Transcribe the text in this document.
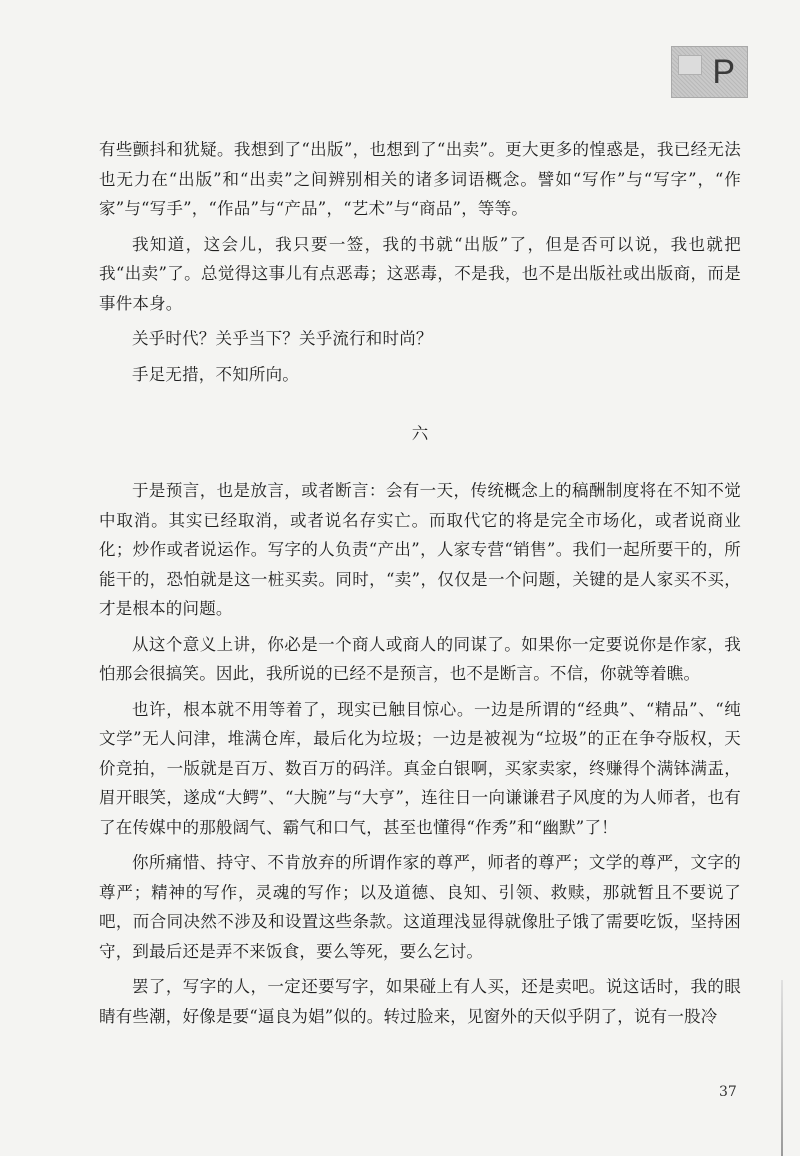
P

有些颤抖和犹疑。我想到了“出版”，也想到了“出卖”。更大更多的惶惑是，我已经无法也无力在“出版”和“出卖”之间辨别相关的诸多词语概念。譬如“写作”与“写字”，“作家”与“写手”，“作品”与“产品”，“艺术”与“商品”，等等。

我知道，这会儿，我只要一签，我的书就“出版”了，但是否可以说，我也就把我“出卖”了。总觉得这事儿有点恶毒；这恶毒，不是我，也不是出版社或出版商，而是事件本身。

关乎时代？关乎当下？关乎流行和时尚？

手足无措，不知所向。

六

于是预言，也是放言，或者断言：会有一天，传统概念上的稿酬制度将在不知不觉中取消。其实已经取消，或者说名存实亡。而取代它的将是完全市场化，或者说商业化；炒作或者说运作。写字的人负责“产出”，人家专营“销售”。我们一起所要干的，所能干的，恐怕就是这一桩买卖。同时，“卖”，仅仅是一个问题，关键的是人家买不买，才是根本的问题。

从这个意义上讲，你必是一个商人或商人的同谋了。如果你一定要说你是作家，我怕那会很搞笑。因此，我所说的已经不是预言，也不是断言。不信，你就等着瞧。

也许，根本就不用等着了，现实已触目惊心。一边是所谓的“经典”、“精品”、“纯文学”无人问津，堆满仓库，最后化为垃圾；一边是被视为“垃圾”的正在争夺版权，天价竞拍，一版就是百万、数百万的码洋。真金白银啊，买家卖家，终赚得个满钵满盂，眉开眼笑，遂成“大鳄”、“大腕”与“大亨”，连往日一向谦谦君子风度的为人师者，也有了在传媒中的那般阔气、霸气和口气，甚至也懂得“作秀”和“幽默”了！

你所痛惜、持守、不肯放弃的所谓作家的尊严，师者的尊严；文学的尊严，文字的尊严；精神的写作，灵魂的写作；以及道德、良知、引领、救赎，那就暂且不要说了吧，而合同决然不涉及和设置这些条款。这道理浅显得就像肚子饿了需要吃饭，坚持困守，到最后还是弄不来饭食，要么等死，要么乞讨。

罢了，写字的人，一定还要写字，如果碰上有人买，还是卖吧。说这话时，我的眼睛有些潮，好像是要“逼良为娼”似的。转过脸来，见窗外的天似乎阴了，说有一股冷

37
